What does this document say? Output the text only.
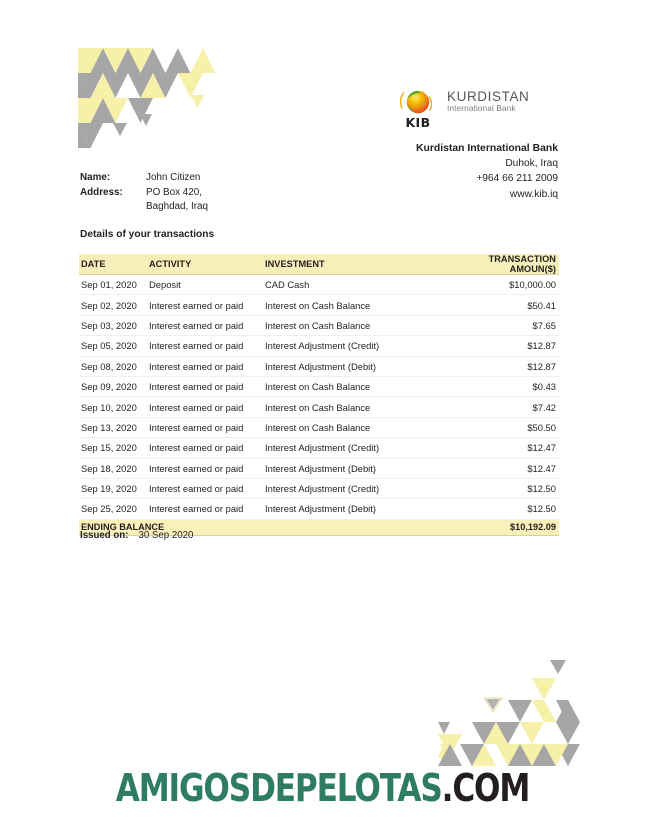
KIB
KURDISTAN
International Bank
Kurdistan International Bank
Duhok, Iraq
+964 66 211 2009
www.kib.iq
Name:	John Citizen
Address:	PO Box 420,
Baghdad, Iraq
Details of your transactions
DATE	ACTIVITY	INVESTMENT	TRANSACTION AMOUN($)
Sep 01, 2020	Deposit	CAD Cash	$10,000.00
Sep 02, 2020	Interest earned or paid	Interest on Cash Balance	$50.41
Sep 03, 2020	Interest earned or paid	Interest on Cash Balance	$7.65
Sep 05, 2020	Interest earned or paid	Interest Adjustment (Credit)	$12.87
Sep 08, 2020	Interest earned or paid	Interest Adjustment (Debit)	$12.87
Sep 09, 2020	Interest earned or paid	Interest on Cash Balance	$0.43
Sep 10, 2020	Interest earned or paid	Interest on Cash Balance	$7.42
Sep 13, 2020	Interest earned or paid	Interest on Cash Balance	$50.50
Sep 15, 2020	Interest earned or paid	Interest Adjustment (Credit)	$12.47
Sep 18, 2020	Interest earned or paid	Interest Adjustment (Debit)	$12.47
Sep 19, 2020	Interest earned or paid	Interest Adjustment (Credit)	$12.50
Sep 25, 2020	Interest earned or paid	Interest Adjustment (Debit)	$12.50
ENDING BALANCE			$10,192.09
Issued on: 30 Sep 2020
AMIGOSDEPELOTAS.COM
